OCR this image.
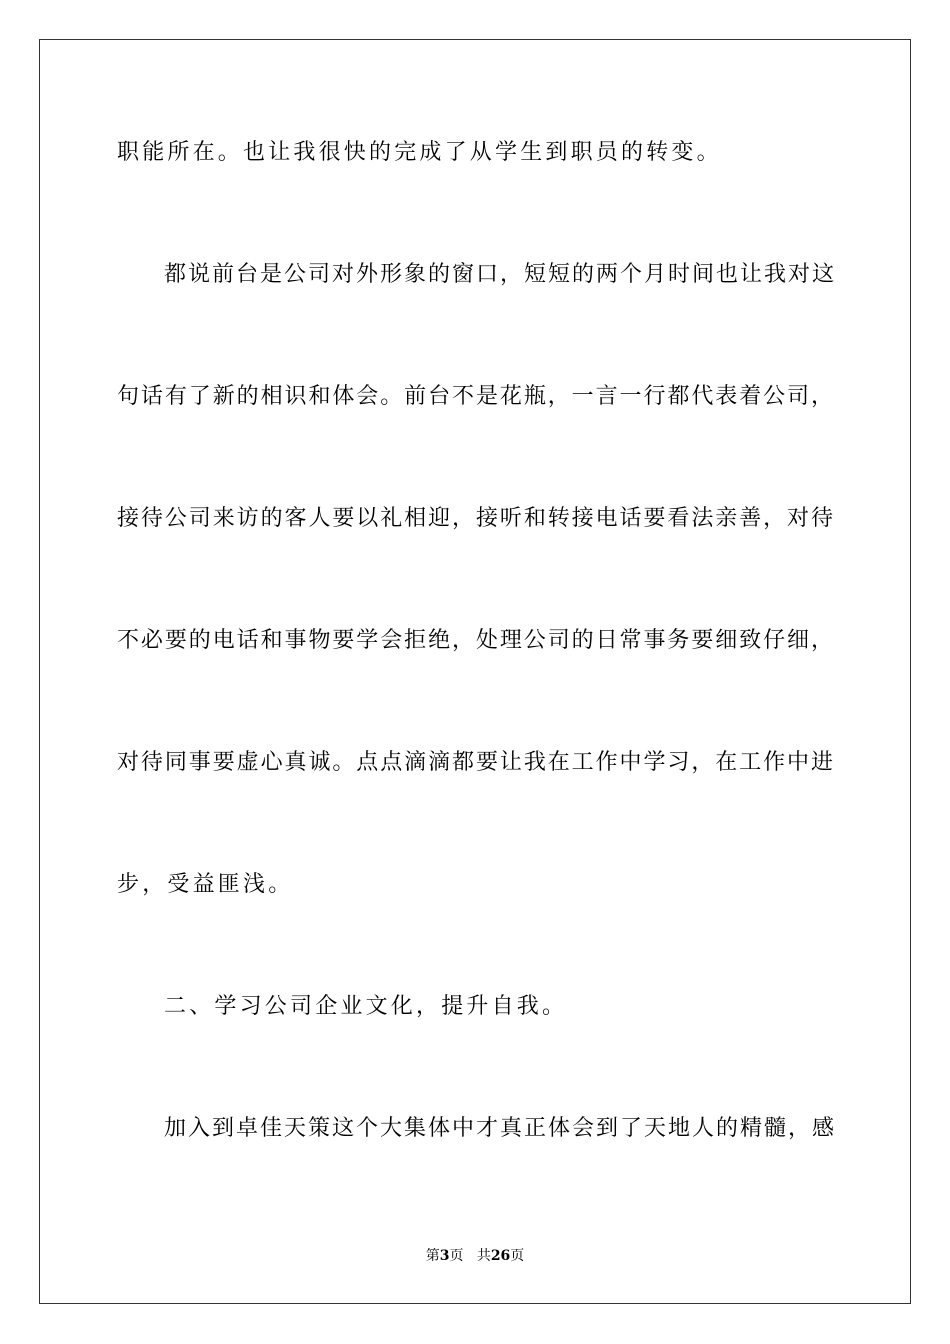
职能所在。也让我很快的完成了从学生到职员的转变。
都说前台是公司对外形象的窗口，短短的两个月时间也让我对这
句话有了新的相识和体会。前台不是花瓶，一言一行都代表着公司，
接待公司来访的客人要以礼相迎，接听和转接电话要看法亲善，对待
不必要的电话和事物要学会拒绝，处理公司的日常事务要细致仔细，
对待同事要虚心真诚。点点滴滴都要让我在工作中学习，在工作中进
步，受益匪浅。
二、学习公司企业文化，提升自我。
加入到卓佳天策这个大集体中才真正体会到了天地人的精髓，感
第3页 共26页
